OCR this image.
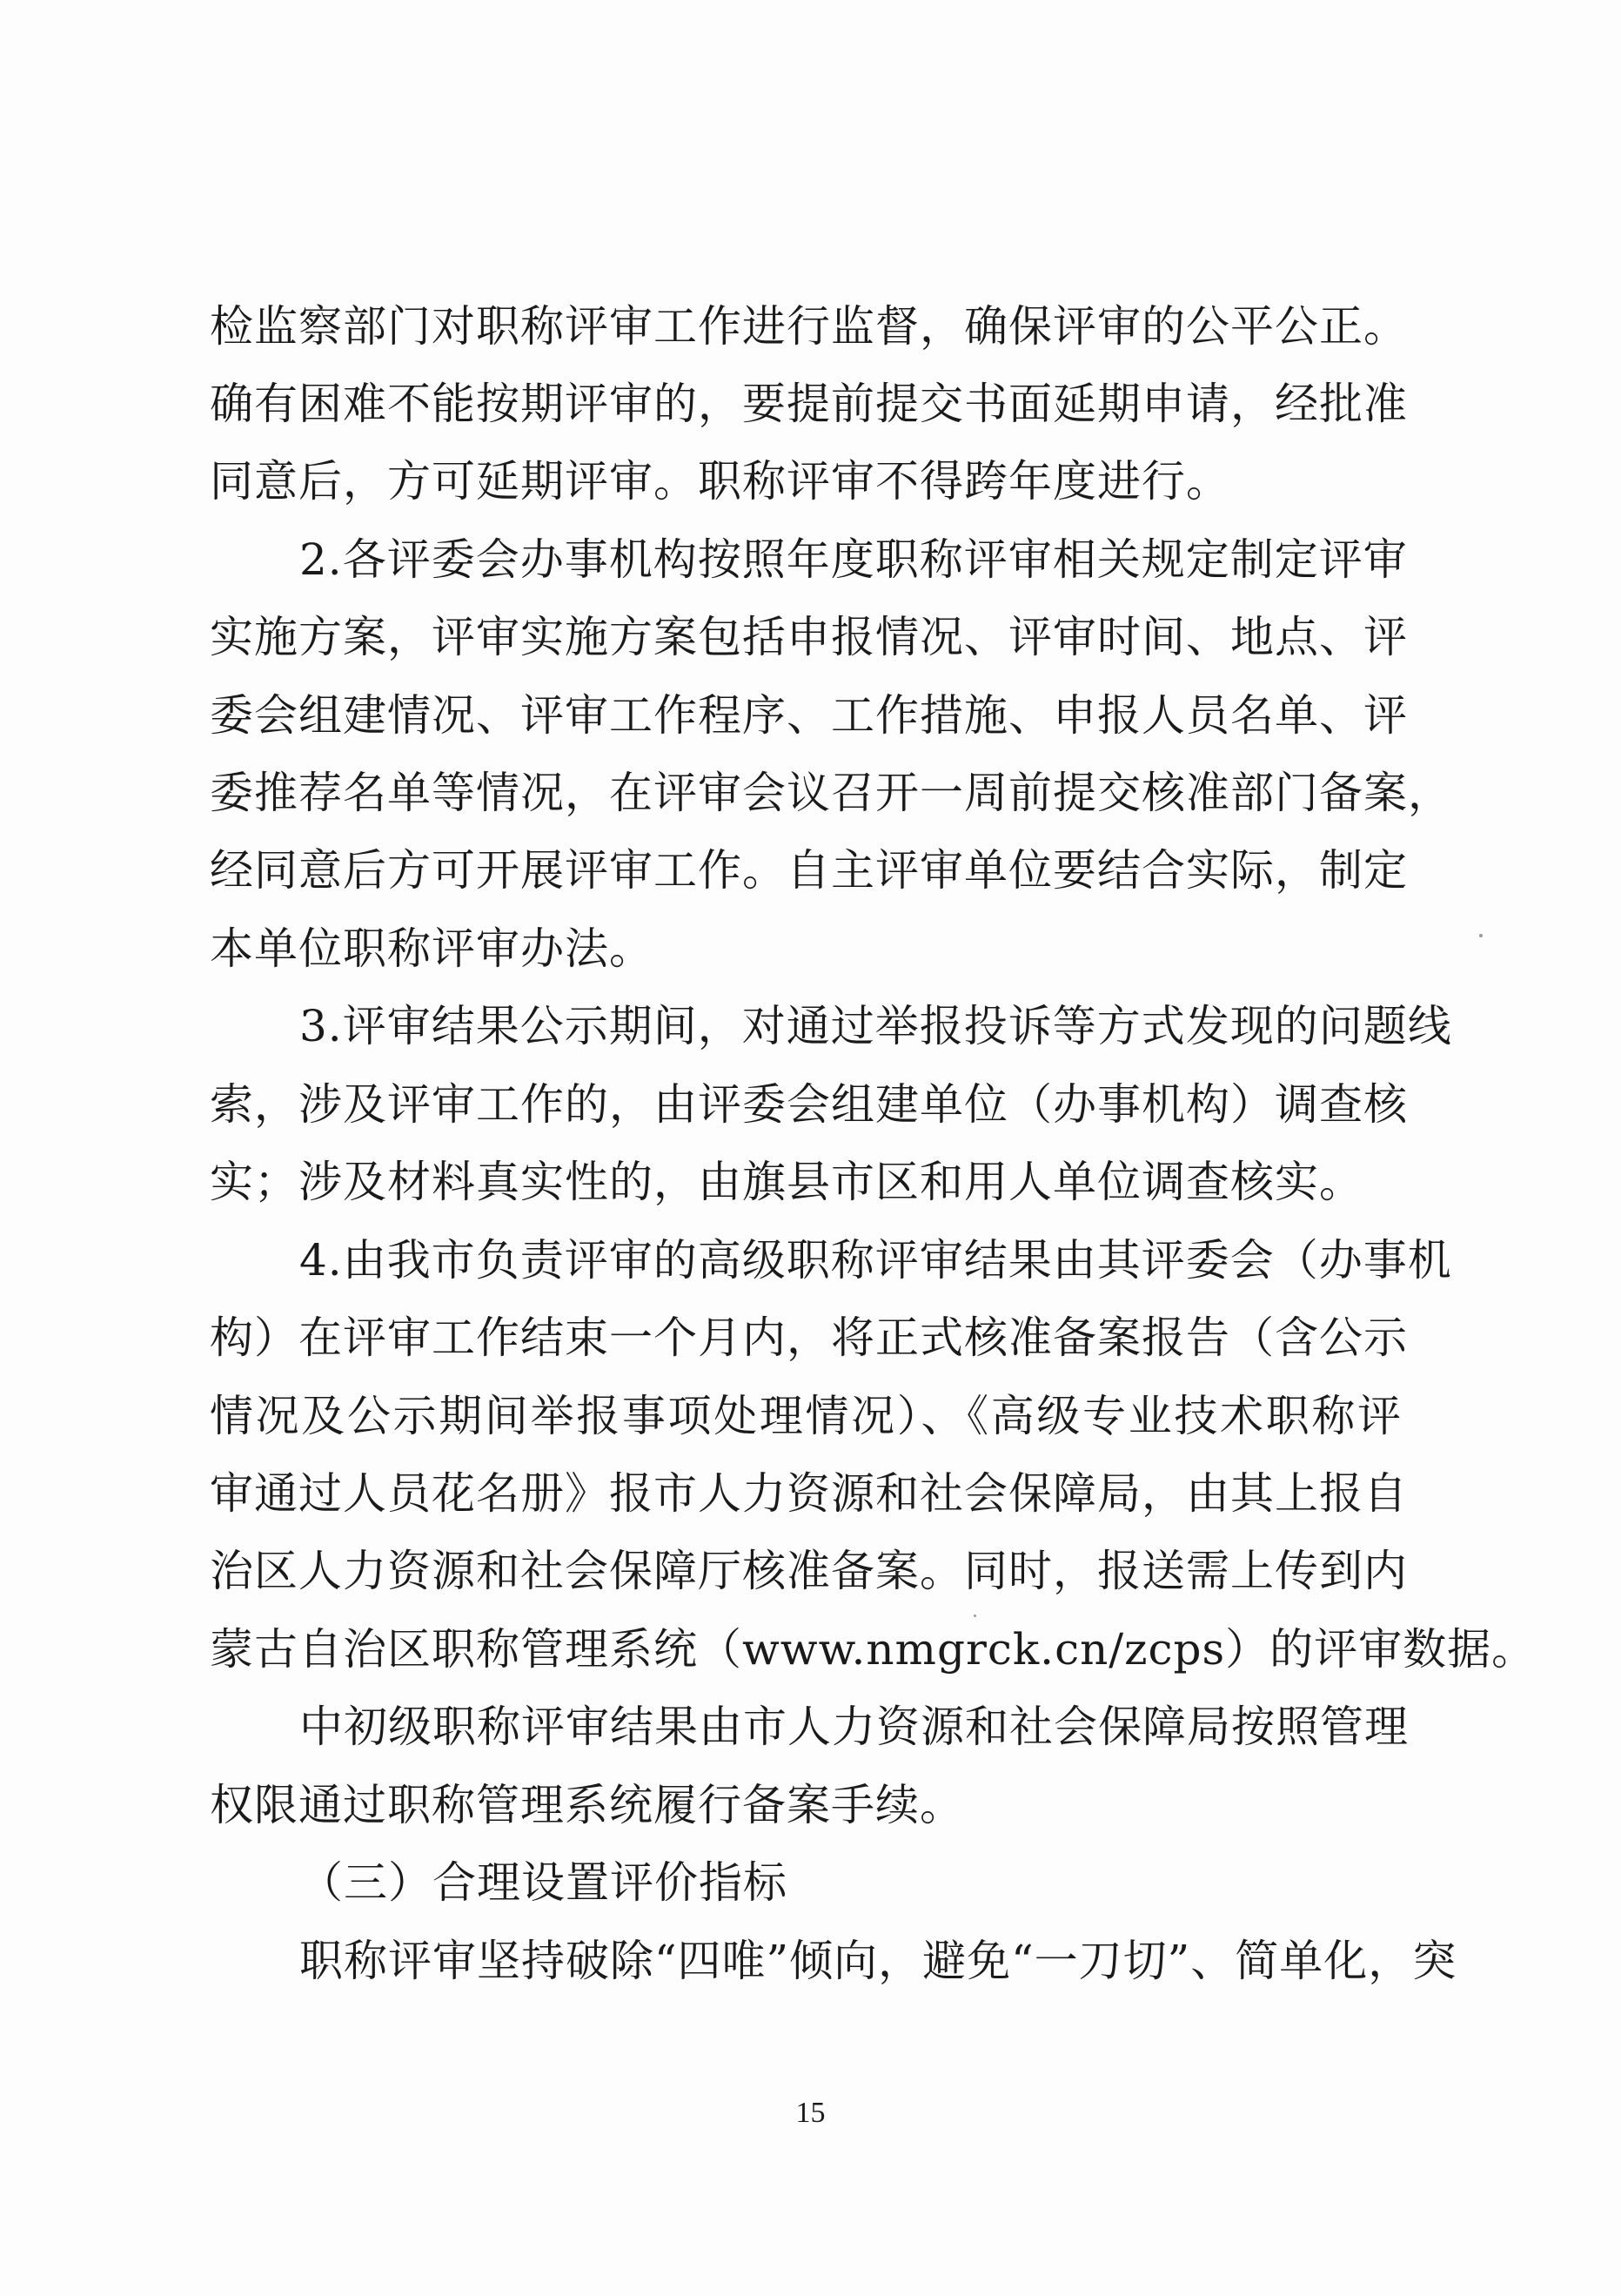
检监察部门对职称评审工作进行监督，确保评审的公平公正。
确有困难不能按期评审的，要提前提交书面延期申请，经批准
同意后，方可延期评审。职称评审不得跨年度进行。
2.各评委会办事机构按照年度职称评审相关规定制定评审
实施方案，评审实施方案包括申报情况、评审时间、地点、评
委会组建情况、评审工作程序、工作措施、申报人员名单、评
委推荐名单等情况，在评审会议召开一周前提交核准部门备案，
经同意后方可开展评审工作。自主评审单位要结合实际，制定
本单位职称评审办法。
3.评审结果公示期间，对通过举报投诉等方式发现的问题线
索，涉及评审工作的，由评委会组建单位（办事机构）调查核
实；涉及材料真实性的，由旗县市区和用人单位调查核实。
4.由我市负责评审的高级职称评审结果由其评委会（办事机
构）在评审工作结束一个月内，将正式核准备案报告（含公示
情况及公示期间举报事项处理情况）、《高级专业技术职称评
审通过人员花名册》报市人力资源和社会保障局，由其上报自
治区人力资源和社会保障厅核准备案。同时，报送需上传到内
蒙古自治区职称管理系统（www.nmgrck.cn/zcps）的评审数据。
中初级职称评审结果由市人力资源和社会保障局按照管理
权限通过职称管理系统履行备案手续。
（三）合理设置评价指标
职称评审坚持破除“四唯”倾向，避免“一刀切”、简单化，突
15
